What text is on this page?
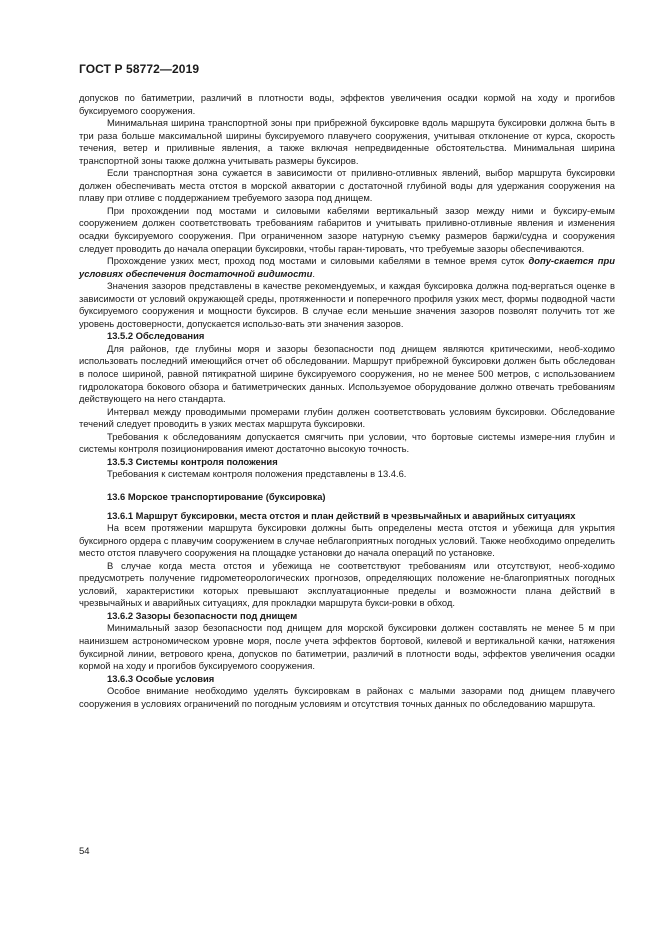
ГОСТ Р 58772—2019

допусков по батиметрии, различий в плотности воды, эффектов увеличения осадки кормой на ходу и прогибов буксируемого сооружения.

Минимальная ширина транспортной зоны при прибрежной буксировке вдоль маршрута буксировки должна быть в три раза больше максимальной ширины буксируемого плавучего сооружения, учитывая отклонение от курса, скорость течения, ветер и приливные явления, а также включая непредвиденные обстоятельства. Минимальная ширина транспортной зоны также должна учитывать размеры буксиров.

Если транспортная зона сужается в зависимости от приливно-отливных явлений, выбор маршрута буксировки должен обеспечивать места отстоя в морской акватории с достаточной глубиной воды для удержания сооружения на плаву при отливе с поддержанием требуемого зазора под днищем.

При прохождении под мостами и силовыми кабелями вертикальный зазор между ними и буксиру-емым сооружением должен соответствовать требованиям габаритов и учитывать приливно-отливные явления и изменения осадки буксируемого сооружения. При ограниченном зазоре натурную съемку размеров баржи/судна и сооружения следует проводить до начала операции буксировки, чтобы гаран-тировать, что требуемые зазоры обеспечиваются.

Прохождение узких мест, проход под мостами и силовыми кабелями в темное время суток допу-скается при условиях обеспечения достаточной видимости.

Значения зазоров представлены в качестве рекомендуемых, и каждая буксировка должна под-вергаться оценке в зависимости от условий окружающей среды, протяженности и поперечного профиля узких мест, формы подводной части буксируемого сооружения и мощности буксиров. В случае если меньшие значения зазоров позволят получить тот же уровень достоверности, допускается использо-вать эти значения зазоров.

13.5.2 Обследования

Для районов, где глубины моря и зазоры безопасности под днищем являются критическими, необ-ходимо использовать последний имеющийся отчет об обследовании. Маршрут прибрежной буксировки должен быть обследован в полосе шириной, равной пятикратной ширине буксируемого сооружения, но не менее 500 метров, с использованием гидролокатора бокового обзора и батиметрических данных. Используемое оборудование должно отвечать требованиям действующего на него стандарта.

Интервал между проводимыми промерами глубин должен соответствовать условиям буксировки. Обследование течений следует проводить в узких местах маршрута буксировки.

Требования к обследованиям допускается смягчить при условии, что бортовые системы измере-ния глубин и системы контроля позиционирования имеют достаточно высокую точность.

13.5.3 Системы контроля положения

Требования к системам контроля положения представлены в 13.4.6.

13.6 Морское транспортирование (буксировка)
13.6.1 Маршрут буксировки, места отстоя и план действий в чрезвычайных и аварийных ситуациях

На всем протяжении маршрута буксировки должны быть определены места отстоя и убежища для укрытия буксирного ордера с плавучим сооружением в случае неблагоприятных погодных условий. Также необходимо определить место отстоя плавучего сооружения на площадке установки до начала операций по установке.

В случае когда места отстоя и убежища не соответствуют требованиям или отсутствуют, необ-ходимо предусмотреть получение гидрометеорологических прогнозов, определяющих положение не-благоприятных погодных условий, характеристики которых превышают эксплуатационные пределы и возможности плана действий в чрезвычайных и аварийных ситуациях, для прокладки маршрута букси-ровки в обход.

13.6.2 Зазоры безопасности под днищем

Минимальный зазор безопасности под днищем для морской буксировки должен составлять не менее 5 м при наинизшем астрономическом уровне моря, после учета эффектов бортовой, килевой и вертикальной качки, натяжения буксирной линии, ветрового крена, допусков по батиметрии, различий в плотности воды, эффектов увеличения осадки кормой на ходу и прогибов буксируемого сооружения.

13.6.3 Особые условия

Особое внимание необходимо уделять буксировкам в районах с малыми зазорами под днищем плавучего сооружения в условиях ограничений по погодным условиям и отсутствия точных данных по обследованию маршрута.

54
